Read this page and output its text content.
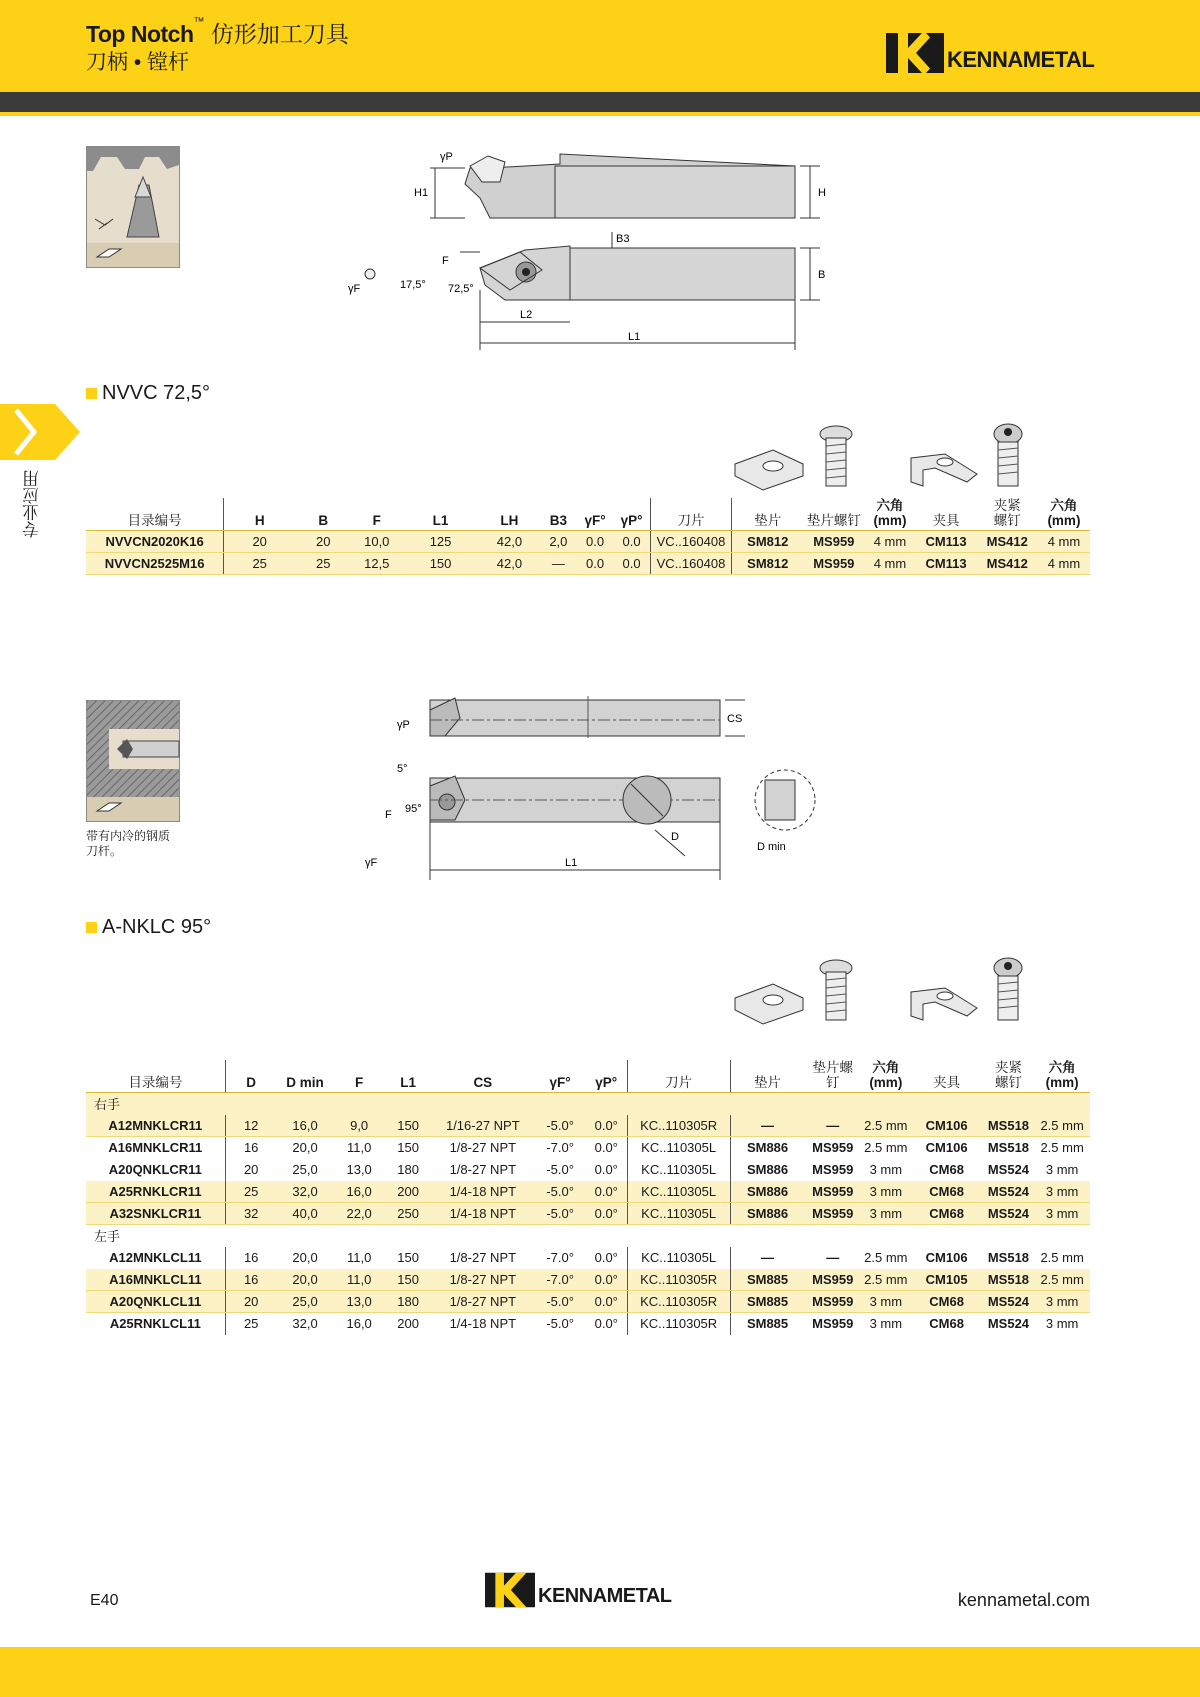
Top Notch™ 仿形加工刀具
刀柄 • 镗杆	KENNAMETAL
专业应用
H
H1
γP
B
B3
F
17,5° 72,5°
γF
L2
L1
NVVC 72,5°
目录编号	H	B	F	L1	LH	B3	γF°	γP°	刀片	垫片	垫片螺钉	六角
(mm)	夹具	夹紧
螺钉	六角
(mm)
NVVCN2020K16	20	20	10,0	125	42,0	2,0	0.0	0.0	VC..160408	SM812	MS959	4 mm	CM113	MS412	4 mm
NVVCN2525M16	25	25	12,5	150	42,0	—	0.0	0.0	VC..160408	SM812	MS959	4 mm	CM113	MS412	4 mm
带有内冷的钢质
刀杆。
γP	CS
5°
95°
F
γF	L1
D
D min
A-NKLC 95°
目录编号	D	D min	F	L1	CS	γF°	γP°	刀片	垫片	垫片螺
钉	六角
(mm)	夹具	夹紧
螺钉	六角
(mm)
右手														
A12MNKLCR11	12	16,0	9,0	150	1/16-27 NPT	-5.0°	0.0°	KC..110305R	—	—	2.5 mm	CM106	MS518	2.5 mm
A16MNKLCR11	16	20,0	11,0	150	1/8-27 NPT	-7.0°	0.0°	KC..110305L	SM886	MS959	2.5 mm	CM106	MS518	2.5 mm
A20QNKLCR11	20	25,0	13,0	180	1/8-27 NPT	-5.0°	0.0°	KC..110305L	SM886	MS959	3 mm	CM68	MS524	3 mm
A25RNKLCR11	25	32,0	16,0	200	1/4-18 NPT	-5.0°	0.0°	KC..110305L	SM886	MS959	3 mm	CM68	MS524	3 mm
A32SNKLCR11	32	40,0	22,0	250	1/4-18 NPT	-5.0°	0.0°	KC..110305L	SM886	MS959	3 mm	CM68	MS524	3 mm
左手														
A12MNKLCL11	16	20,0	11,0	150	1/8-27 NPT	-7.0°	0.0°	KC..110305L	—	—	2.5 mm	CM106	MS518	2.5 mm
A16MNKLCL11	16	20,0	11,0	150	1/8-27 NPT	-7.0°	0.0°	KC..110305R	SM885	MS959	2.5 mm	CM105	MS518	2.5 mm
A20QNKLCL11	20	25,0	13,0	180	1/8-27 NPT	-5.0°	0.0°	KC..110305R	SM885	MS959	3 mm	CM68	MS524	3 mm
A25RNKLCL11	25	32,0	16,0	200	1/4-18 NPT	-5.0°	0.0°	KC..110305R	SM885	MS959	3 mm	CM68	MS524	3 mm
E40	KENNAMETAL	kennametal.com
